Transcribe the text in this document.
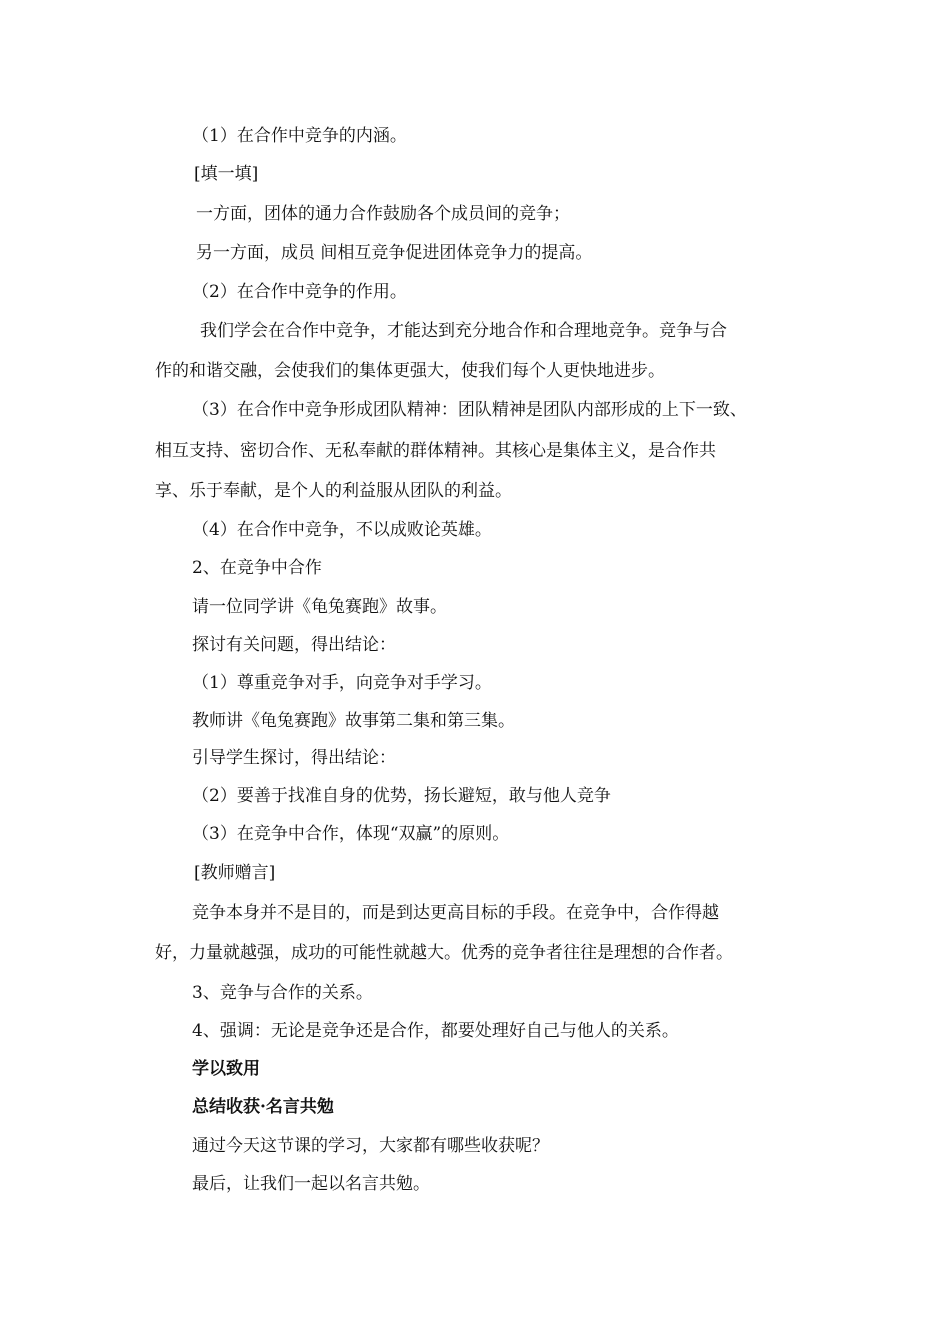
（1）在合作中竞争的内涵。
[填一填]
一方面，团体的通力合作鼓励各个成员间的竞争；
另一方面，成员 间相互竞争促进团体竞争力的提高。
（2）在合作中竞争的作用。
我们学会在合作中竞争，才能达到充分地合作和合理地竞争。竞争与合
作的和谐交融，会使我们的集体更强大，使我们每个人更快地进步。
（3）在合作中竞争形成团队精神：团队精神是团队内部形成的上下一致、
相互支持、密切合作、无私奉献的群体精神。其核心是集体主义，是合作共
享、乐于奉献，是个人的利益服从团队的利益。
（4）在合作中竞争，不以成败论英雄。
2、在竞争中合作
请一位同学讲《龟兔赛跑》故事。
探讨有关问题，得出结论：
（1）尊重竞争对手，向竞争对手学习。
教师讲《龟兔赛跑》故事第二集和第三集。
引导学生探讨，得出结论：
（2）要善于找准自身的优势，扬长避短，敢与他人竞争
（3）在竞争中合作，体现“双赢”的原则。
[教师赠言]
竞争本身并不是目的，而是到达更高目标的手段。在竞争中，合作得越
好，力量就越强，成功的可能性就越大。优秀的竞争者往往是理想的合作者。
3、竞争与合作的关系。
4、强调：无论是竞争还是合作，都要处理好自己与他人的关系。
学以致用
总结收获·名言共勉
通过今天这节课的学习，大家都有哪些收获呢？
最后，让我们一起以名言共勉。
